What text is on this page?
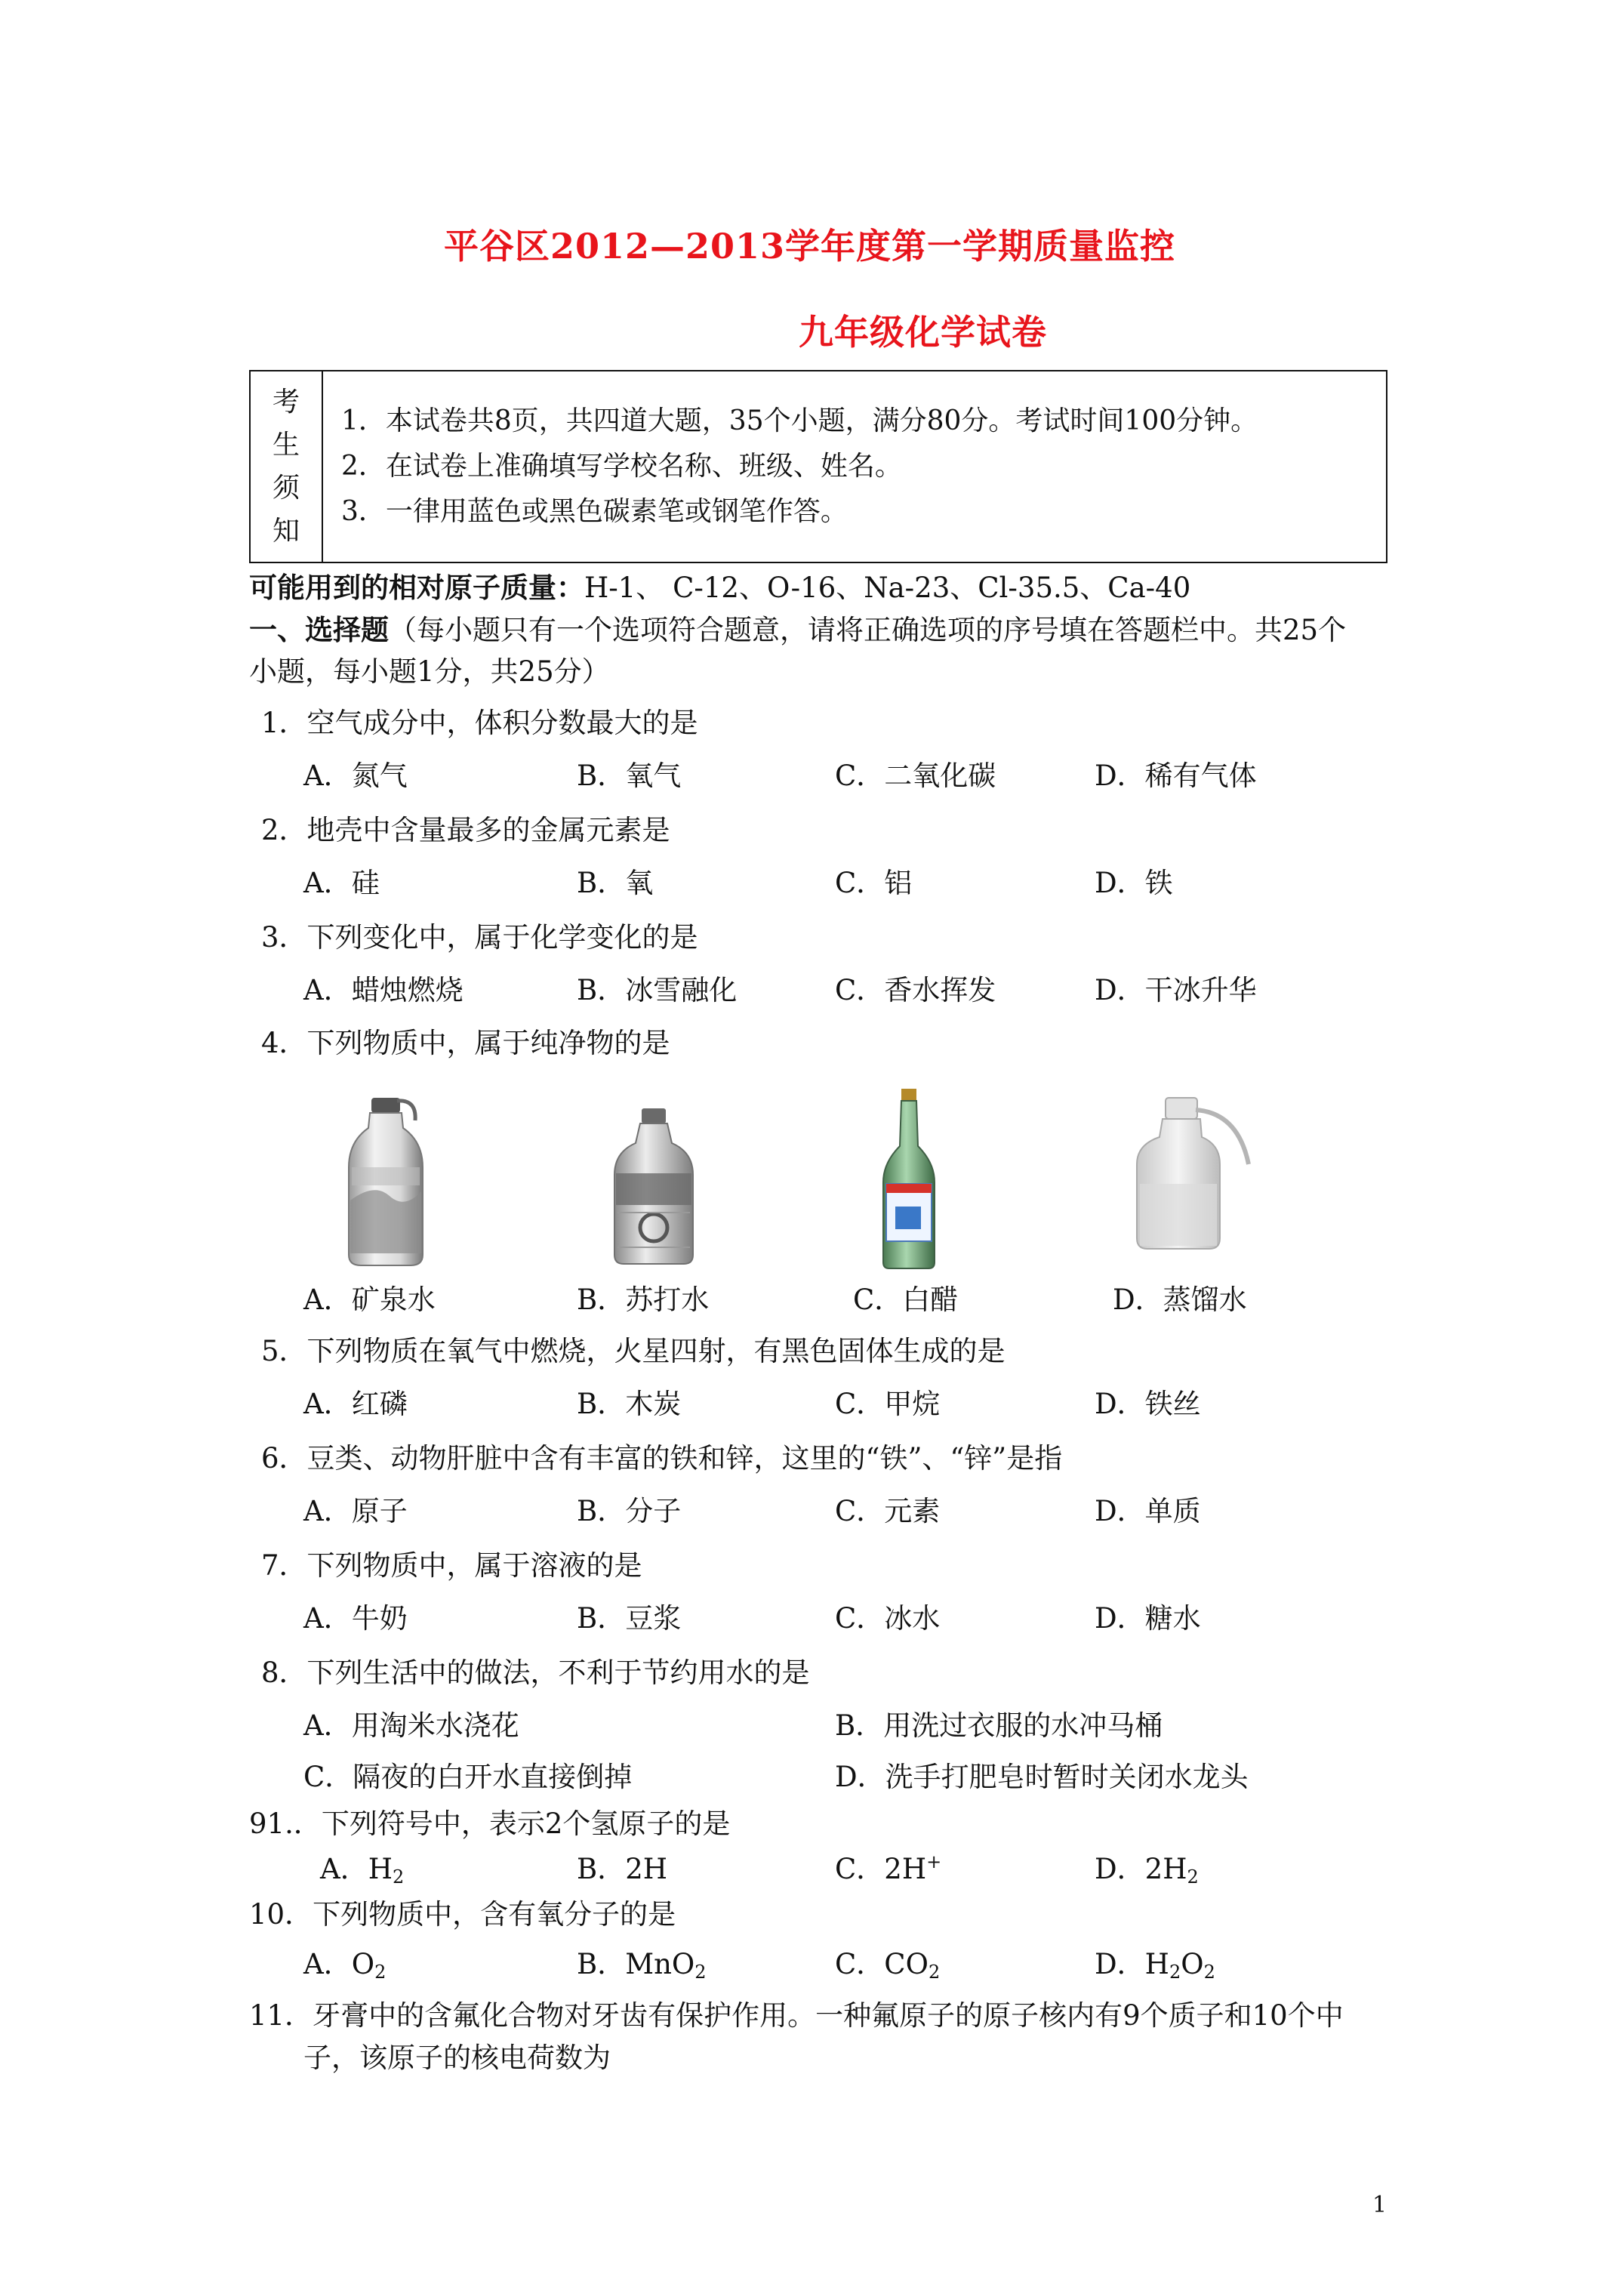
平谷区2012—2013学年度第一学期质量监控
九年级化学试卷
考生须知
1．本试卷共8页，共四道大题，35个小题，满分80分。考试时间100分钟。
2．在试卷上准确填写学校名称、班级、姓名。
3．一律用蓝色或黑色碳素笔或钢笔作答。
可能用到的相对原子质量：H-1、 C-12、O-16、Na-23、Cl-35.5、Ca-40
一、选择题（每小题只有一个选项符合题意，请将正确选项的序号填在答题栏中。共25个
小题，每小题1分，共25分）
1．空气成分中，体积分数最大的是
A．氮气	B．氧气	C．二氧化碳	D．稀有气体
2．地壳中含量最多的金属元素是
A．硅	B．氧	C．铝	D．铁
3．下列变化中，属于化学变化的是
A．蜡烛燃烧	B．冰雪融化	C．香水挥发	D．干冰升华
4．下列物质中，属于纯净物的是
A．矿泉水	B．苏打水	C．白醋	D．蒸馏水
5．下列物质在氧气中燃烧，火星四射，有黑色固体生成的是
A．红磷	B．木炭	C．甲烷	D．铁丝
6．豆类、动物肝脏中含有丰富的铁和锌，这里的“铁”、“锌”是指
A．原子	B．分子	C．元素	D．单质
7．下列物质中，属于溶液的是
A．牛奶	B．豆浆	C．冰水	D．糖水
8．下列生活中的做法，不利于节约用水的是
A．用淘米水浇花	B．用洗过衣服的水冲马桶
C．隔夜的白开水直接倒掉	D．洗手打肥皂时暂时关闭水龙头
91.．下列符号中，表示2个氢原子的是
A．$H_2$	B．2H	C．2H+	D．$2H_2$
10．下列物质中，含有氧分子的是
A．$O_2$	B．MnO$_2$	C．$CO_2$	D．$H_2O_2$
11．牙膏中的含氟化合物对牙齿有保护作用。一种氟原子的原子核内有9个质子和10个中
子，该原子的核电荷数为
1
